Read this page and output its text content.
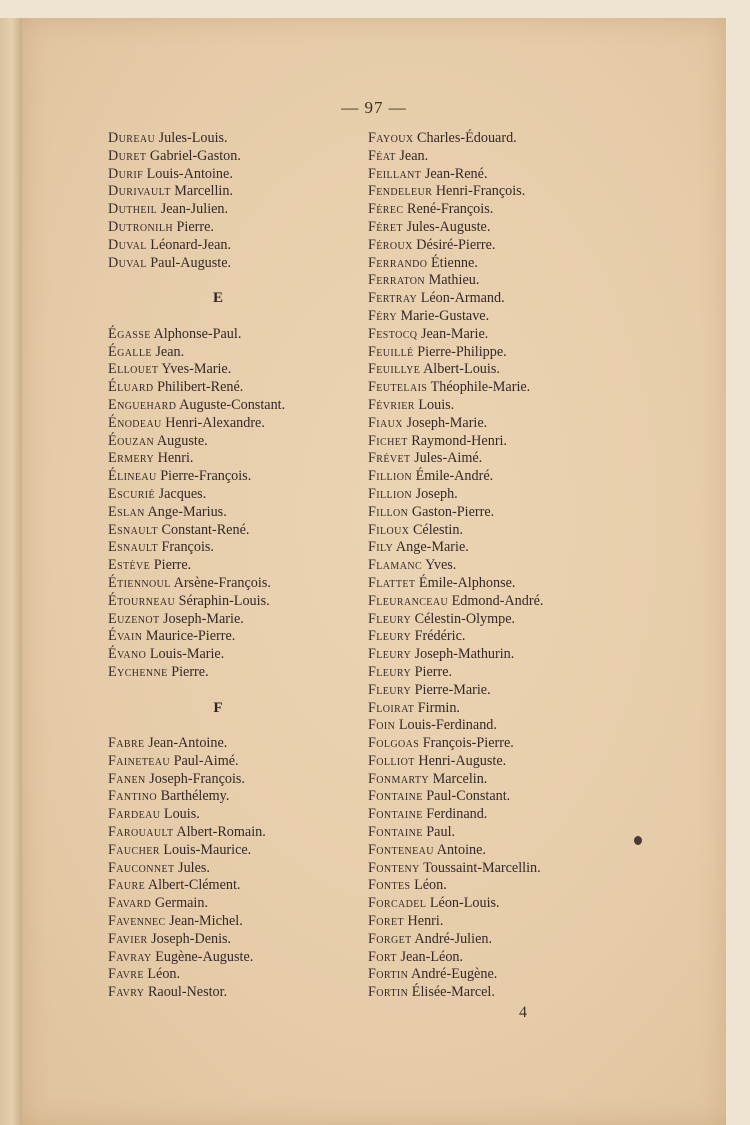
— 97 —
Dureau Jules-Louis.
Duret Gabriel-Gaston.
Durif Louis-Antoine.
Durivault Marcellin.
Dutheil Jean-Julien.
Dutronilh Pierre.
Duval Léonard-Jean.
Duval Paul-Auguste.
E
Égasse Alphonse-Paul.
Égalle Jean.
Ellouet Yves-Marie.
Éluard Philibert-René.
Enguehard Auguste-Constant.
Énodeau Henri-Alexandre.
Éouzan Auguste.
Ermery Henri.
Élineau Pierre-François.
Escurié Jacques.
Eslan Ange-Marius.
Esnault Constant-René.
Esnault François.
Estève Pierre.
Étiennoul Arsène-François.
Étourneau Séraphin-Louis.
Euzenot Joseph-Marie.
Évain Maurice-Pierre.
Évano Louis-Marie.
Eychenne Pierre.
F
Fabre Jean-Antoine.
Faineteau Paul-Aimé.
Fanen Joseph-François.
Fantino Barthélemy.
Fardeau Louis.
Farouault Albert-Romain.
Faucher Louis-Maurice.
Fauconnet Jules.
Faure Albert-Clément.
Favard Germain.
Favennec Jean-Michel.
Favier Joseph-Denis.
Favray Eugène-Auguste.
Favre Léon.
Favry Raoul-Nestor.
Fayoux Charles-Édouard.
Féat Jean.
Feillant Jean-René.
Fendeleur Henri-François.
Férec René-François.
Féret Jules-Auguste.
Féroux Désiré-Pierre.
Ferrando Étienne.
Ferraton Mathieu.
Fertray Léon-Armand.
Féry Marie-Gustave.
Festocq Jean-Marie.
Feuillé Pierre-Philippe.
Feuillye Albert-Louis.
Feutelais Théophile-Marie.
Février Louis.
Fiaux Joseph-Marie.
Fichet Raymond-Henri.
Frévet Jules-Aimé.
Fillion Émile-André.
Fillion Joseph.
Fillon Gaston-Pierre.
Filoux Célestin.
Fily Ange-Marie.
Flamanc Yves.
Flattet Émile-Alphonse.
Fleuranceau Edmond-André.
Fleury Célestin-Olympe.
Fleury Frédéric.
Fleury Joseph-Mathurin.
Fleury Pierre.
Fleury Pierre-Marie.
Floirat Firmin.
Foin Louis-Ferdinand.
Folgoas François-Pierre.
Folliot Henri-Auguste.
Fonmarty Marcelin.
Fontaine Paul-Constant.
Fontaine Ferdinand.
Fontaine Paul.
Fonteneau Antoine.
Fonteny Toussaint-Marcellin.
Fontes Léon.
Forcadel Léon-Louis.
Foret Henri.
Forget André-Julien.
Fort Jean-Léon.
Fortin André-Eugène.
Fortin Élisée-Marcel.
4
